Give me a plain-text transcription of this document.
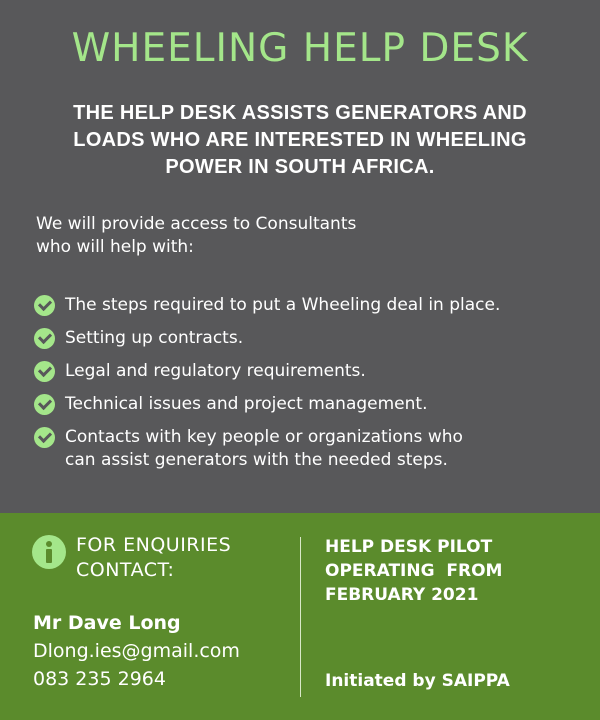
WHEELING HELP DESK
THE HELP DESK ASSISTS GENERATORS AND
LOADS WHO ARE INTERESTED IN WHEELING
POWER IN SOUTH AFRICA.
We will provide access to Consultants
who will help with:
The steps required to put a Wheeling deal in place.
Setting up contracts.
Legal and regulatory requirements.
Technical issues and project management.
Contacts with key people or organizations who
can assist generators with the needed steps.
FOR ENQUIRIES
CONTACT:
Mr Dave Long
Dlong.ies@gmail.com
083 235 2964
HELP DESK PILOT
OPERATING  FROM
FEBRUARY 2021
Initiated by SAIPPA
